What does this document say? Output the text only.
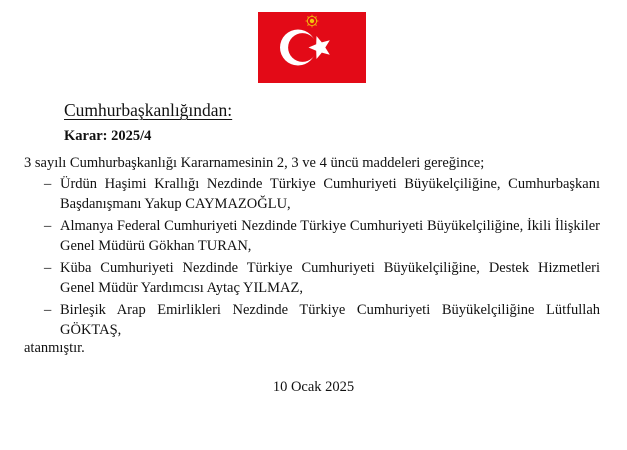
Cumhurbaşkanlığından:
Karar: 2025/4
3 sayılı Cumhurbaşkanlığı Kararnamesinin 2, 3 ve 4 üncü maddeleri gereğince;
– Ürdün Haşimi Krallığı Nezdinde Türkiye Cumhuriyeti Büyükelçiliğine, Cumhurbaşkanı Başdanışmanı Yakup CAYMAZOĞLU,
– Almanya Federal Cumhuriyeti Nezdinde Türkiye Cumhuriyeti Büyükelçiliğine, İkili İlişkiler Genel Müdürü Gökhan TURAN,
– Küba Cumhuriyeti Nezdinde Türkiye Cumhuriyeti Büyükelçiliğine, Destek Hizmetleri Genel Müdür Yardımcısı Aytaç YILMAZ,
– Birleşik Arap Emirlikleri Nezdinde Türkiye Cumhuriyeti Büyükelçiliğine Lütfullah GÖKTAŞ,
atanmıştır.
10 Ocak 2025
